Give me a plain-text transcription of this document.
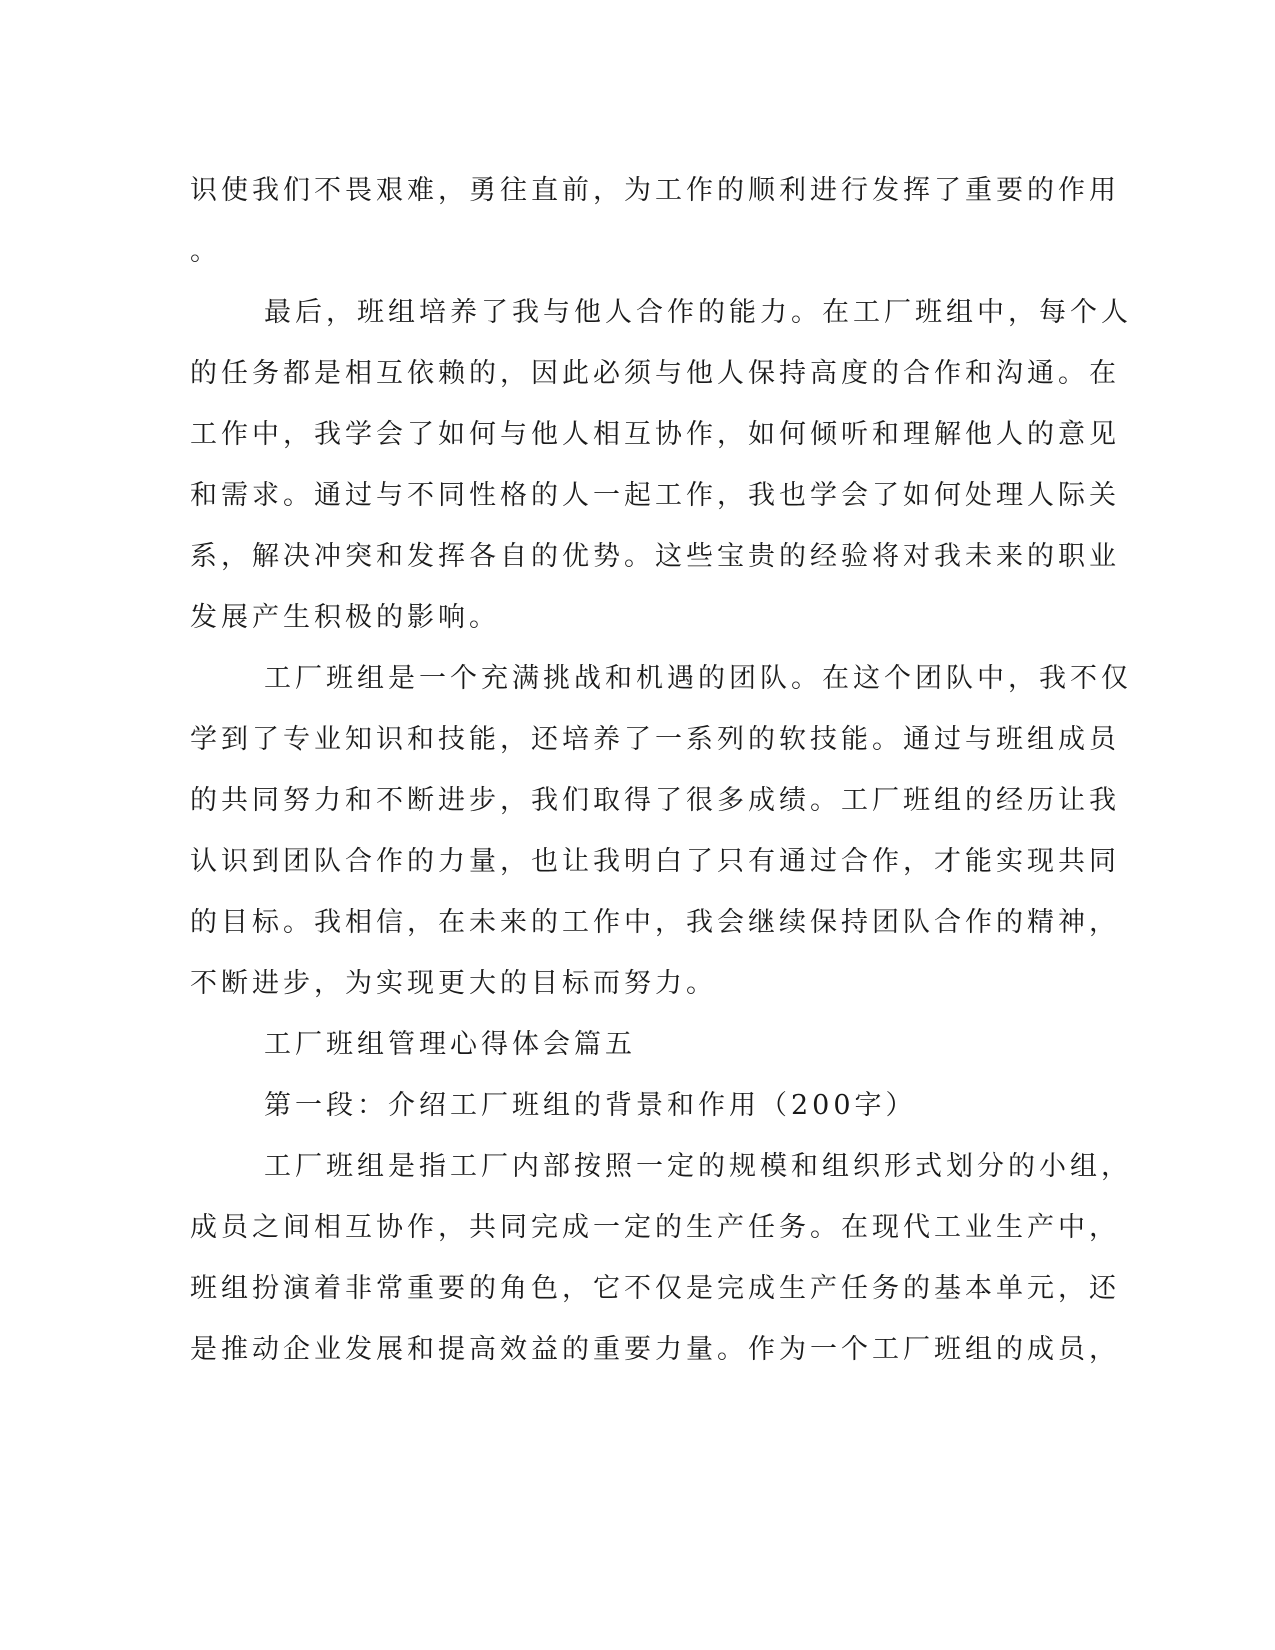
识使我们不畏艰难，勇往直前，为工作的顺利进行发挥了重要的作用
。
最后，班组培养了我与他人合作的能力。在工厂班组中，每个人
的任务都是相互依赖的，因此必须与他人保持高度的合作和沟通。在
工作中，我学会了如何与他人相互协作，如何倾听和理解他人的意见
和需求。通过与不同性格的人一起工作，我也学会了如何处理人际关
系，解决冲突和发挥各自的优势。这些宝贵的经验将对我未来的职业
发展产生积极的影响。
工厂班组是一个充满挑战和机遇的团队。在这个团队中，我不仅
学到了专业知识和技能，还培养了一系列的软技能。通过与班组成员
的共同努力和不断进步，我们取得了很多成绩。工厂班组的经历让我
认识到团队合作的力量，也让我明白了只有通过合作，才能实现共同
的目标。我相信，在未来的工作中，我会继续保持团队合作的精神，
不断进步，为实现更大的目标而努力。
工厂班组管理心得体会篇五
第一段：介绍工厂班组的背景和作用（200字）
工厂班组是指工厂内部按照一定的规模和组织形式划分的小组，
成员之间相互协作，共同完成一定的生产任务。在现代工业生产中，
班组扮演着非常重要的角色，它不仅是完成生产任务的基本单元，还
是推动企业发展和提高效益的重要力量。作为一个工厂班组的成员，
